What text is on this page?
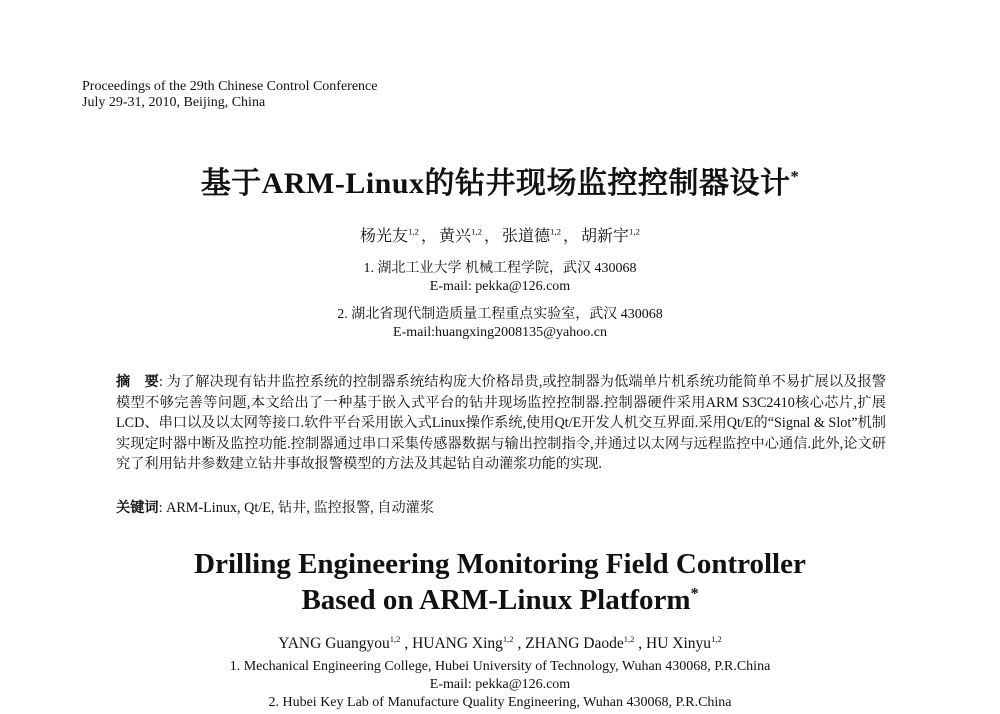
Proceedings of the 29th Chinese Control Conference
July 29-31, 2010, Beijing, China
基于ARM-Linux的钻井现场监控控制器设计*
杨光友$^{1,2}$ ， 黄兴$^{1,2}$ ， 张道德$^{1,2}$ ， 胡新宇$^{1,2}$
1. 湖北工业大学 机械工程学院，武汉 430068
E-mail: pekka@126.com
2. 湖北省现代制造质量工程重点实验室，武汉 430068
E-mail:huangxing2008135@yahoo.cn
摘　要: 为了解决现有钻井监控系统的控制器系统结构庞大价格昂贵,或控制器为低端单片机系统功能简单不易扩展以及报警模型不够完善等问题,本文给出了一种基于嵌入式平台的钻井现场监控控制器.控制器硬件采用ARM S3C2410核心芯片,扩展LCD、串口以及以太网等接口.软件平台采用嵌入式Linux操作系统,使用Qt/E开发人机交互界面.采用Qt/E的“Signal & Slot”机制实现定时器中断及监控功能.控制器通过串口采集传感器数据与输出控制指令,并通过以太网与远程监控中心通信.此外,论文研究了利用钻井参数建立钻井事故报警模型的方法及其起钻自动灌浆功能的实现.
关键词: ARM-Linux, Qt/E, 钻井, 监控报警, 自动灌浆
Drilling Engineering Monitoring Field Controller
Based on ARM-Linux Platform*
YANG Guangyou$^{1,2}$ , HUANG Xing$^{1,2}$ , ZHANG Daode$^{1,2}$ , HU Xinyu$^{1,2}$
1. Mechanical Engineering College, Hubei University of Technology, Wuhan 430068, P.R.China
E-mail: pekka@126.com
2. Hubei Key Lab of Manufacture Quality Engineering, Wuhan 430068, P.R.China
